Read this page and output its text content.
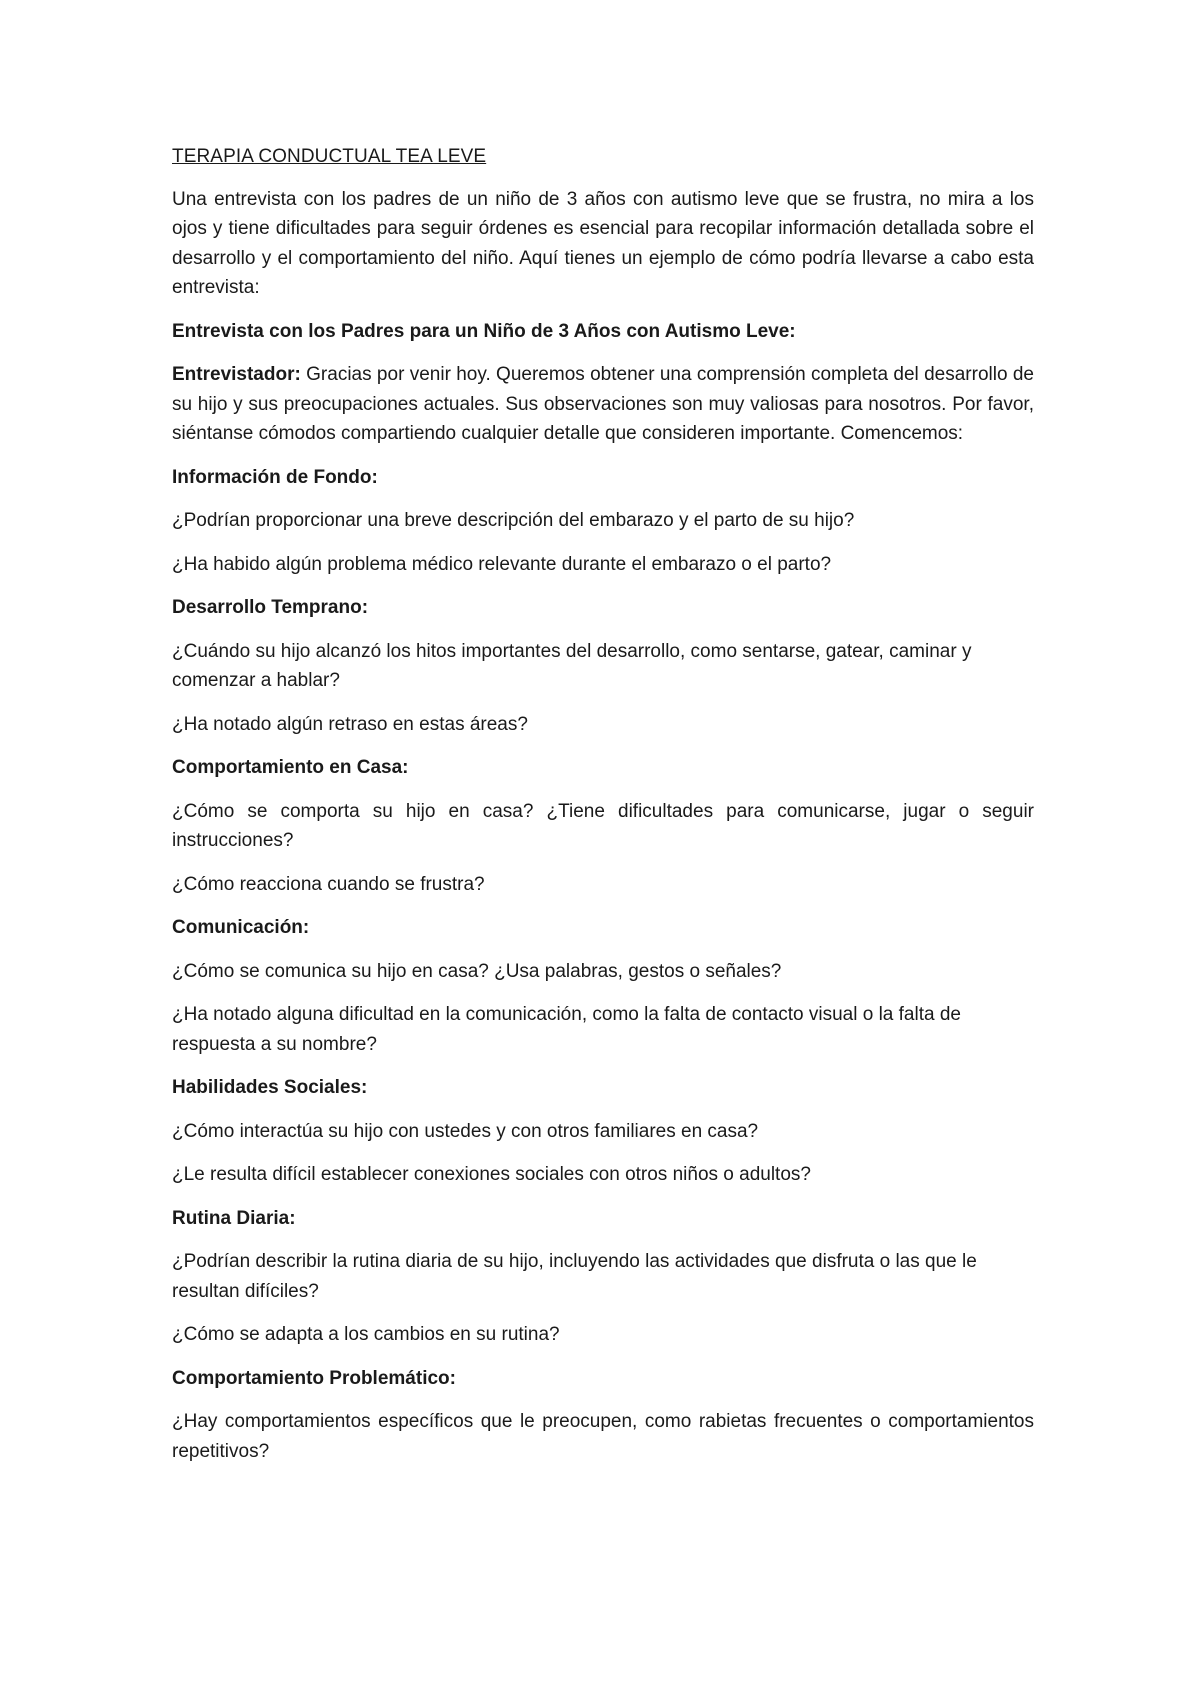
TERAPIA CONDUCTUAL TEA LEVE

Una entrevista con los padres de un niño de 3 años con autismo leve que se frustra, no mira a los ojos y tiene dificultades para seguir órdenes es esencial para recopilar información detallada sobre el desarrollo y el comportamiento del niño. Aquí tienes un ejemplo de cómo podría llevarse a cabo esta entrevista:

Entrevista con los Padres para un Niño de 3 Años con Autismo Leve:

Entrevistador: Gracias por venir hoy. Queremos obtener una comprensión completa del desarrollo de su hijo y sus preocupaciones actuales. Sus observaciones son muy valiosas para nosotros. Por favor, siéntanse cómodos compartiendo cualquier detalle que consideren importante. Comencemos:

Información de Fondo:

¿Podrían proporcionar una breve descripción del embarazo y el parto de su hijo?

¿Ha habido algún problema médico relevante durante el embarazo o el parto?

Desarrollo Temprano:

¿Cuándo su hijo alcanzó los hitos importantes del desarrollo, como sentarse, gatear, caminar y comenzar a hablar?

¿Ha notado algún retraso en estas áreas?

Comportamiento en Casa:

¿Cómo se comporta su hijo en casa? ¿Tiene dificultades para comunicarse, jugar o seguir instrucciones?

¿Cómo reacciona cuando se frustra?

Comunicación:

¿Cómo se comunica su hijo en casa? ¿Usa palabras, gestos o señales?

¿Ha notado alguna dificultad en la comunicación, como la falta de contacto visual o la falta de respuesta a su nombre?

Habilidades Sociales:

¿Cómo interactúa su hijo con ustedes y con otros familiares en casa?

¿Le resulta difícil establecer conexiones sociales con otros niños o adultos?

Rutina Diaria:

¿Podrían describir la rutina diaria de su hijo, incluyendo las actividades que disfruta o las que le resultan difíciles?

¿Cómo se adapta a los cambios en su rutina?

Comportamiento Problemático:

¿Hay comportamientos específicos que le preocupen, como rabietas frecuentes o comportamientos repetitivos?
